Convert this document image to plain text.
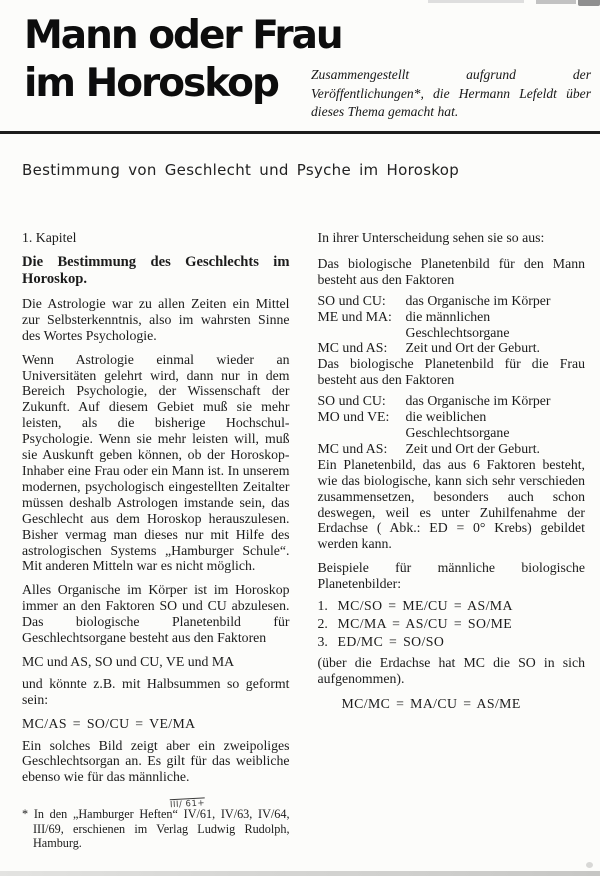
Mann oder Frau
im Horoskop	Zusammengestellt aufgrund der Veröffentlichungen*, die Hermann Lefeldt über dieses Thema gemacht hat.

Bestimmung von Geschlecht und Psyche im Horoskop

1. Kapitel

Die Bestimmung des Geschlechts im Horoskop.

Die Astrologie war zu allen Zeiten ein Mittel zur Selbsterkenntnis, also im wahrsten Sinne des Wortes Psychologie.

Wenn Astrologie einmal wieder an Universitäten gelehrt wird, dann nur in dem Bereich Psychologie, der Wissenschaft der Zukunft. Auf diesem Gebiet muß sie mehr leisten, als die bisherige Hochschul-Psychologie. Wenn sie mehr leisten will, muß sie Auskunft geben können, ob der Horoskop-Inhaber eine Frau oder ein Mann ist. In unserem modernen, psychologisch eingestellten Zeitalter müssen deshalb Astrologen imstande sein, das Geschlecht aus dem Horoskop herauszulesen. Bisher vermag man dieses nur mit Hilfe des astrologischen Systems „Hamburger Schule“. Mit anderen Mitteln war es nicht möglich.

Alles Organische im Körper ist im Horoskop immer an den Faktoren SO und CU abzulesen. Das biologische Planetenbild für Geschlechtsorgane besteht aus den Faktoren

MC und AS, SO und CU, VE und MA

und könnte z.B. mit Halbsummen so geformt sein:

MC/AS = SO/CU = VE/MA

Ein solches Bild zeigt aber ein zweipoliges Geschlechtsorgan an. Es gilt für das weibliche ebenso wie für das männliche.

* In den „Hamburger Heften“
III/ 61+
IV/61, IV/63, IV/64, III/69, erschienen im Verlag Ludwig Rudolph, Hamburg.

In ihrer Unterscheidung sehen sie so aus:

Das biologische Planetenbild für den Mann besteht aus den Faktoren

SO und CU:	das Organische im Körper
ME und MA: die männlichen Geschlechtsorgane
MC und AS:	Zeit und Ort der Geburt.

Das biologische Planetenbild für die Frau besteht aus den Faktoren

SO und CU:	das Organische im Körper
MO und VE:	die weiblichen Geschlechtsorgane
MC und AS:	Zeit und Ort der Geburt.

Ein Planetenbild, das aus 6 Faktoren besteht, wie das biologische, kann sich sehr verschieden zusammensetzen, besonders auch schon deswegen, weil es unter Zuhilfenahme der Erdachse ( Abk.: ED = 0° Krebs) gebildet werden kann.

Beispiele für männliche biologische Planetenbilder:

1. MC/SO = ME/CU = AS/MA
2. MC/MA = AS/CU = SO/ME
3. ED/MC = SO/SO

(über die Erdachse hat MC die SO in sich aufgenommen).

MC/MC = MA/CU = AS/ME
